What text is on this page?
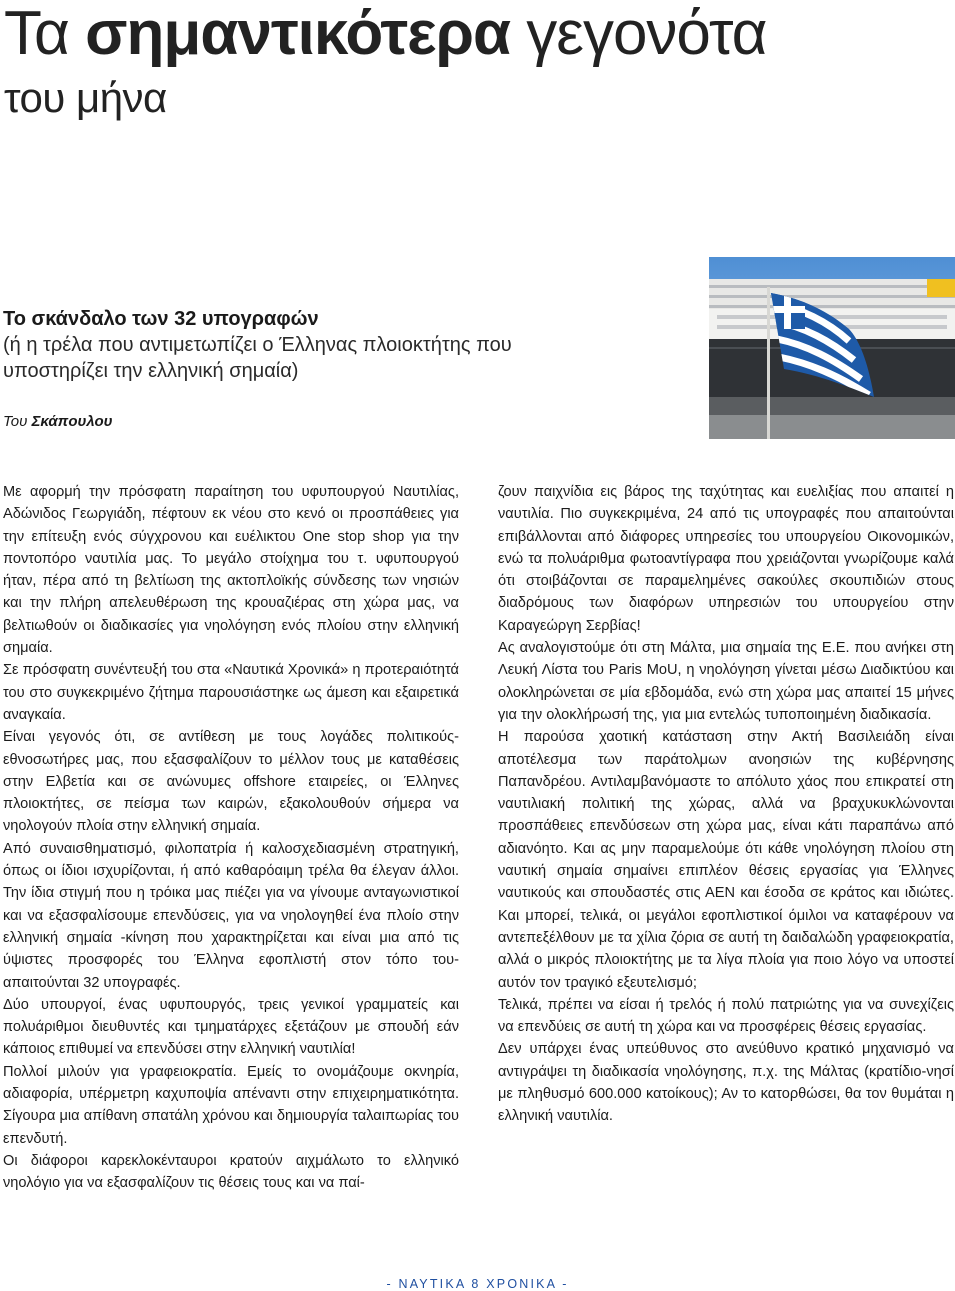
Τα σημαντικότερα γεγονότα
του μήνα
Το σκάνδαλο των 32 υπογραφών
(ή η τρέλα που αντιμετωπίζει ο Έλληνας πλοιοκτήτης που υποστηρίζει την ελληνική σημαία)
Του Σκάπουλου

Με αφορμή την πρόσφατη παραίτηση του υφυπουργού Ναυτιλίας, Αδώνιδος Γεωργιάδη, πέφτουν εκ νέου στο κενό οι προσπάθειες για την επίτευξη ενός σύγχρονου και ευέλικτου One stop shop για την ποντοπόρο ναυτιλία μας. Το μεγάλο στοίχημα του τ. υφυπουργού ήταν, πέρα από τη βελτίωση της ακτοπλοϊκής σύνδεσης των νησιών και την πλήρη απελευθέρωση της κρουαζιέρας στη χώρα μας, να βελτιωθούν οι διαδικασίες για νηολόγηση ενός πλοίου στην ελληνική σημαία.

Σε πρόσφατη συνέντευξή του στα «Ναυτικά Χρονικά» η προτεραιότητά του στο συγκεκριμένο ζήτημα παρουσιάστηκε ως άμεση και εξαιρετικά αναγκαία.

Είναι γεγονός ότι, σε αντίθεση με τους λογάδες πολιτικούς-εθνοσωτήρες μας, που εξασφαλίζουν το μέλλον τους με καταθέσεις στην Ελβετία και σε ανώνυμες offshore εταιρείες, οι Έλληνες πλοιοκτήτες, σε πείσμα των καιρών, εξακολουθούν σήμερα να νηολογούν πλοία στην ελληνική σημαία.

Από συναισθηματισμό, φιλοπατρία ή καλοσχεδιασμένη στρατηγική, όπως οι ίδιοι ισχυρίζονται, ή από καθαρόαιμη τρέλα θα έλεγαν άλλοι. Την ίδια στιγμή που η τρόικα μας πιέζει για να γίνουμε ανταγωνιστικοί και να εξασφαλίσουμε επενδύσεις, για να νηολογηθεί ένα πλοίο στην ελληνική σημαία -κίνηση που χαρακτηρίζεται και είναι μια από τις ύψιστες προσφορές του Έλληνα εφοπλιστή στον τόπο του- απαιτούνται 32 υπογραφές.

Δύο υπουργοί, ένας υφυπουργός, τρεις γενικοί γραμματείς και πολυάριθμοι διευθυντές και τμηματάρχες εξετάζουν με σπουδή εάν κάποιος επιθυμεί να επενδύσει στην ελληνική ναυτιλία!

Πολλοί μιλούν για γραφειοκρατία. Εμείς το ονομάζουμε οκνηρία, αδιαφορία, υπέρμετρη καχυποψία απέναντι στην επιχειρηματικότητα. Σίγουρα μια απίθανη σπατάλη χρόνου και δημιουργία ταλαιπωρίας του επενδυτή.

Οι διάφοροι καρεκλοκένταυροι κρατούν αιχμάλωτο το ελληνικό νηολόγιο για να εξασφαλίζουν τις θέσεις τους και να παί-

ζουν παιχνίδια εις βάρος της ταχύτητας και ευελιξίας που απαιτεί η ναυτιλία. Πιο συγκεκριμένα, 24 από τις υπογραφές που απαιτούνται επιβάλλονται από διάφορες υπηρεσίες του υπουργείου Οικονομικών, ενώ τα πολυάριθμα φωτοαντίγραφα που χρειάζονται γνωρίζουμε καλά ότι στοιβάζονται σε παραμελημένες σακούλες σκουπιδιών στους διαδρόμους των διαφόρων υπηρεσιών του υπουργείου στην Καραγεώργη Σερβίας!

Ας αναλογιστούμε ότι στη Μάλτα, μια σημαία της Ε.Ε. που ανήκει στη Λευκή Λίστα του Paris MoU, η νηολόγηση γίνεται μέσω Διαδικτύου και ολοκληρώνεται σε μία εβδομάδα, ενώ στη χώρα μας απαιτεί 15 μήνες για την ολοκλήρωσή της, για μια εντελώς τυποποιημένη διαδικασία.

Η παρούσα χαοτική κατάσταση στην Ακτή Βασιλειάδη είναι αποτέλεσμα των παράτολμων ανοησιών της κυβέρνησης Παπανδρέου. Αντιλαμβανόμαστε το απόλυτο χάος που επικρατεί στη ναυτιλιακή πολιτική της χώρας, αλλά να βραχυκυκλώνονται προσπάθειες επενδύσεων στη χώρα μας, είναι κάτι παραπάνω από αδιανόητο. Και ας μην παραμελούμε ότι κάθε νηολόγηση πλοίου στη ναυτική σημαία σημαίνει επιπλέον θέσεις εργασίας για Έλληνες ναυτικούς και σπουδαστές στις ΑΕΝ και έσοδα σε κράτος και ιδιώτες. Και μπορεί, τελικά, οι μεγάλοι εφοπλιστικοί όμιλοι να καταφέρουν να αντεπεξέλθουν με τα χίλια ζόρια σε αυτή τη δαιδαλώδη γραφειοκρατία, αλλά ο μικρός πλοιοκτήτης με τα λίγα πλοία για ποιο λόγο να υποστεί αυτόν τον τραγικό εξευτελισμό;

Τελικά, πρέπει να είσαι ή τρελός ή πολύ πατριώτης για να συνεχίζεις να επενδύεις σε αυτή τη χώρα και να προσφέρεις θέσεις εργασίας.

Δεν υπάρχει ένας υπεύθυνος στο ανεύθυνο κρατικό μηχανισμό να αντιγράψει τη διαδικασία νηολόγησης, π.χ. της Μάλτας (κρατίδιο-νησί με πληθυσμό 600.000 κατοίκους); Αν το κατορθώσει, θα τον θυμάται η ελληνική ναυτιλία.

- ΝΑΥΤΙΚΑ 8 ΧΡΟΝΙΚΑ -
